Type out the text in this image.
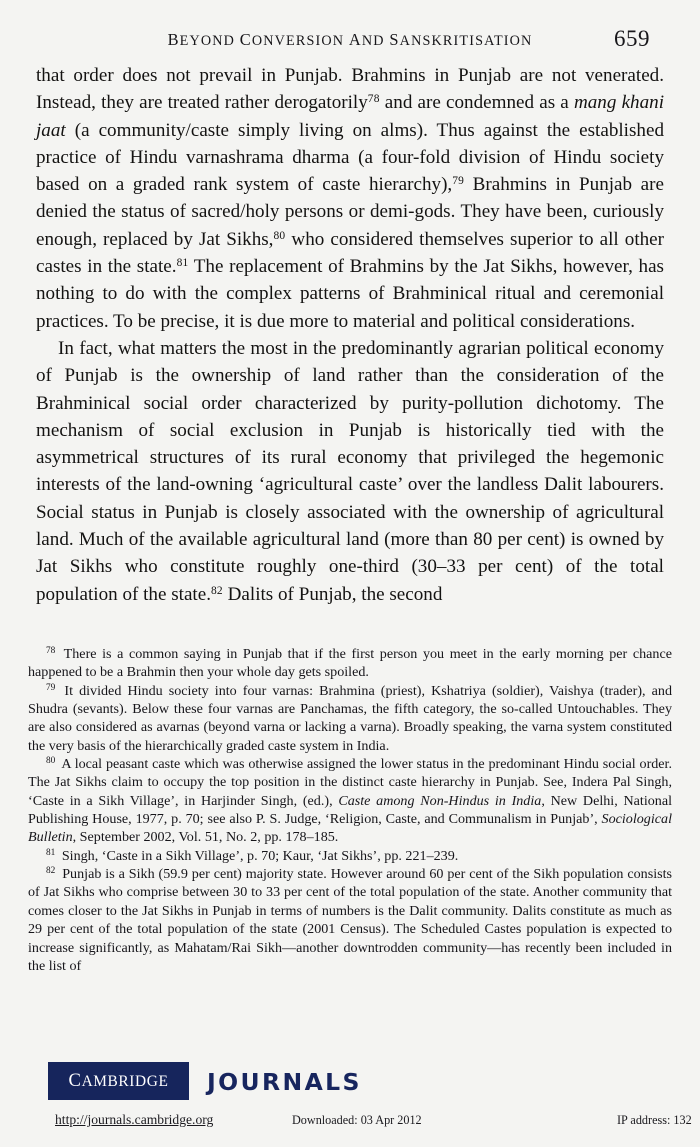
BEYOND CONVERSION AND SANSKRITISATION	659

that order does not prevail in Punjab. Brahmins in Punjab are not venerated. Instead, they are treated rather derogatorily$^{78}$ and are condemned as a mang khani jaat (a community/caste simply living on alms). Thus against the established practice of Hindu varnashrama dharma (a four-fold division of Hindu society based on a graded rank system of caste hierarchy),$^{79}$ Brahmins in Punjab are denied the status of sacred/holy persons or demi-gods. They have been, curiously enough, replaced by Jat Sikhs,$^{80}$ who considered themselves superior to all other castes in the state.$^{81}$ The replacement of Brahmins by the Jat Sikhs, however, has nothing to do with the complex patterns of Brahminical ritual and ceremonial practices. To be precise, it is due more to material and political considerations.

In fact, what matters the most in the predominantly agrarian political economy of Punjab is the ownership of land rather than the consideration of the Brahminical social order characterized by purity-pollution dichotomy. The mechanism of social exclusion in Punjab is historically tied with the asymmetrical structures of its rural economy that privileged the hegemonic interests of the land-owning ‘agricultural caste’ over the landless Dalit labourers. Social status in Punjab is closely associated with the ownership of agricultural land. Much of the available agricultural land (more than 80 per cent) is owned by Jat Sikhs who constitute roughly one-third (30–33 per cent) of the total population of the state.$^{82}$ Dalits of Punjab, the second

$^{78}$ There is a common saying in Punjab that if the first person you meet in the early morning per chance happened to be a Brahmin then your whole day gets spoiled.

$^{79}$ It divided Hindu society into four varnas: Brahmina (priest), Kshatriya (soldier), Vaishya (trader), and Shudra (sevants). Below these four varnas are Panchamas, the fifth category, the so-called Untouchables. They are also considered as avarnas (beyond varna or lacking a varna). Broadly speaking, the varna system constituted the very basis of the hierarchically graded caste system in India.

$^{80}$ A local peasant caste which was otherwise assigned the lower status in the predominant Hindu social order. The Jat Sikhs claim to occupy the top position in the distinct caste hierarchy in Punjab. See, Indera Pal Singh, ‘Caste in a Sikh Village’, in Harjinder Singh, (ed.), Caste among Non-Hindus in India, New Delhi, National Publishing House, 1977, p. 70; see also P. S. Judge, ‘Religion, Caste, and Communalism in Punjab’, Sociological Bulletin, September 2002, Vol. 51, No. 2, pp. 178–185.

$^{81}$ Singh, ‘Caste in a Sikh Village’, p. 70; Kaur, ‘Jat Sikhs’, pp. 221–239.

$^{82}$ Punjab is a Sikh (59.9 per cent) majority state. However around 60 per cent of the Sikh population consists of Jat Sikhs who comprise between 30 to 33 per cent of the total population of the state. Another community that comes closer to the Jat Sikhs in Punjab in terms of numbers is the Dalit community. Dalits constitute as much as 29 per cent of the total population of the state (2001 Census). The Scheduled Castes population is expected to increase significantly, as Mahatam/Rai Sikh—another downtrodden community—has recently been included in the list of

CAMBRIDGE JOURNALS
http://journals.cambridge.org	Downloaded: 03 Apr 2012	IP address: 132
